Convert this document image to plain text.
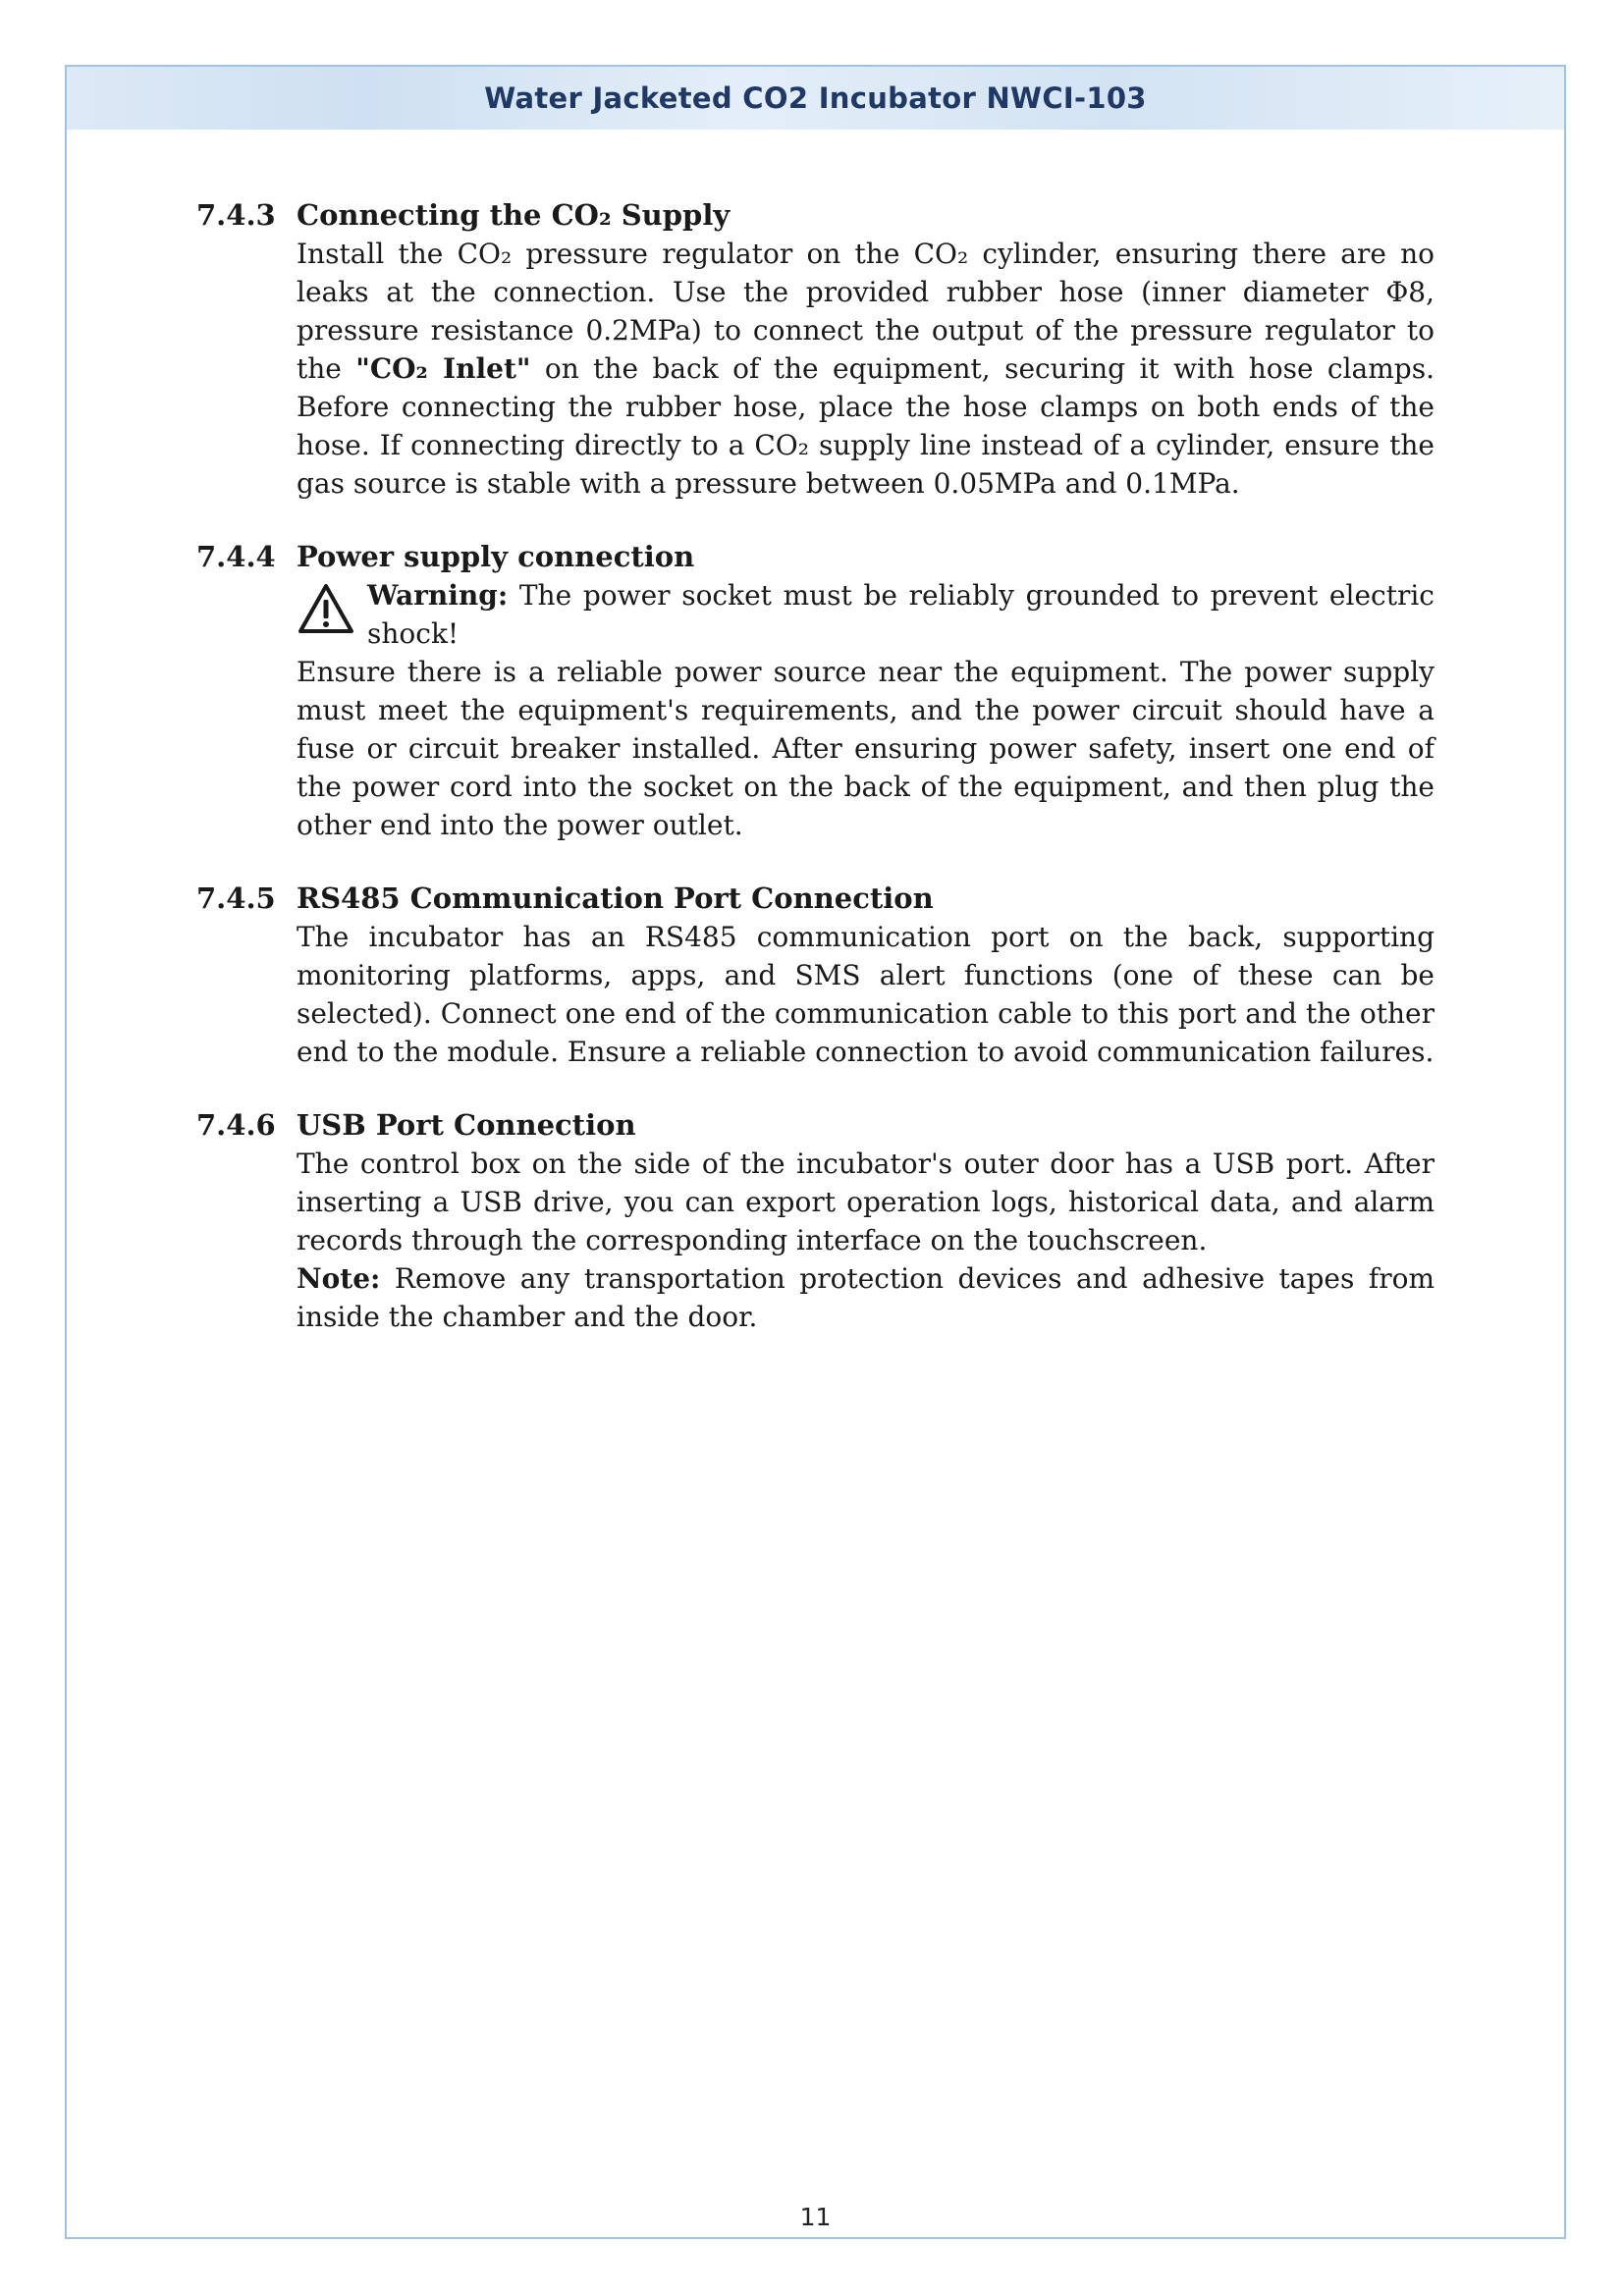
Water Jacketed CO2 Incubator NWCI-103
11
7.4.3 Connecting the CO₂ Supply

Install the CO₂ pressure regulator on the CO₂ cylinder, ensuring there are no leaks at the connection. Use the provided rubber hose (inner diameter Φ8, pressure resistance 0.2MPa) to connect the output of the pressure regulator to the "CO₂ Inlet" on the back of the equipment, securing it with hose clamps. Before connecting the rubber hose, place the hose clamps on both ends of the hose. If connecting directly to a CO₂ supply line instead of a cylinder, ensure the gas source is stable with a pressure between 0.05MPa and 0.1MPa.

7.4.4 Power supply connection
Warning: The power socket must be reliably grounded to prevent electric shock!

Ensure there is a reliable power source near the equipment. The power supply must meet the equipment's requirements, and the power circuit should have a fuse or circuit breaker installed. After ensuring power safety, insert one end of the power cord into the socket on the back of the equipment, and then plug the other end into the power outlet.

7.4.5 RS485 Communication Port Connection

The incubator has an RS485 communication port on the back, supporting monitoring platforms, apps, and SMS alert functions (one of these can be selected). Connect one end of the communication cable to this port and the other end to the module. Ensure a reliable connection to avoid communication failures.

7.4.6 USB Port Connection

The control box on the side of the incubator's outer door has a USB port. After inserting a USB drive, you can export operation logs, historical data, and alarm records through the corresponding interface on the touchscreen.

Note: Remove any transportation protection devices and adhesive tapes from inside the chamber and the door.
